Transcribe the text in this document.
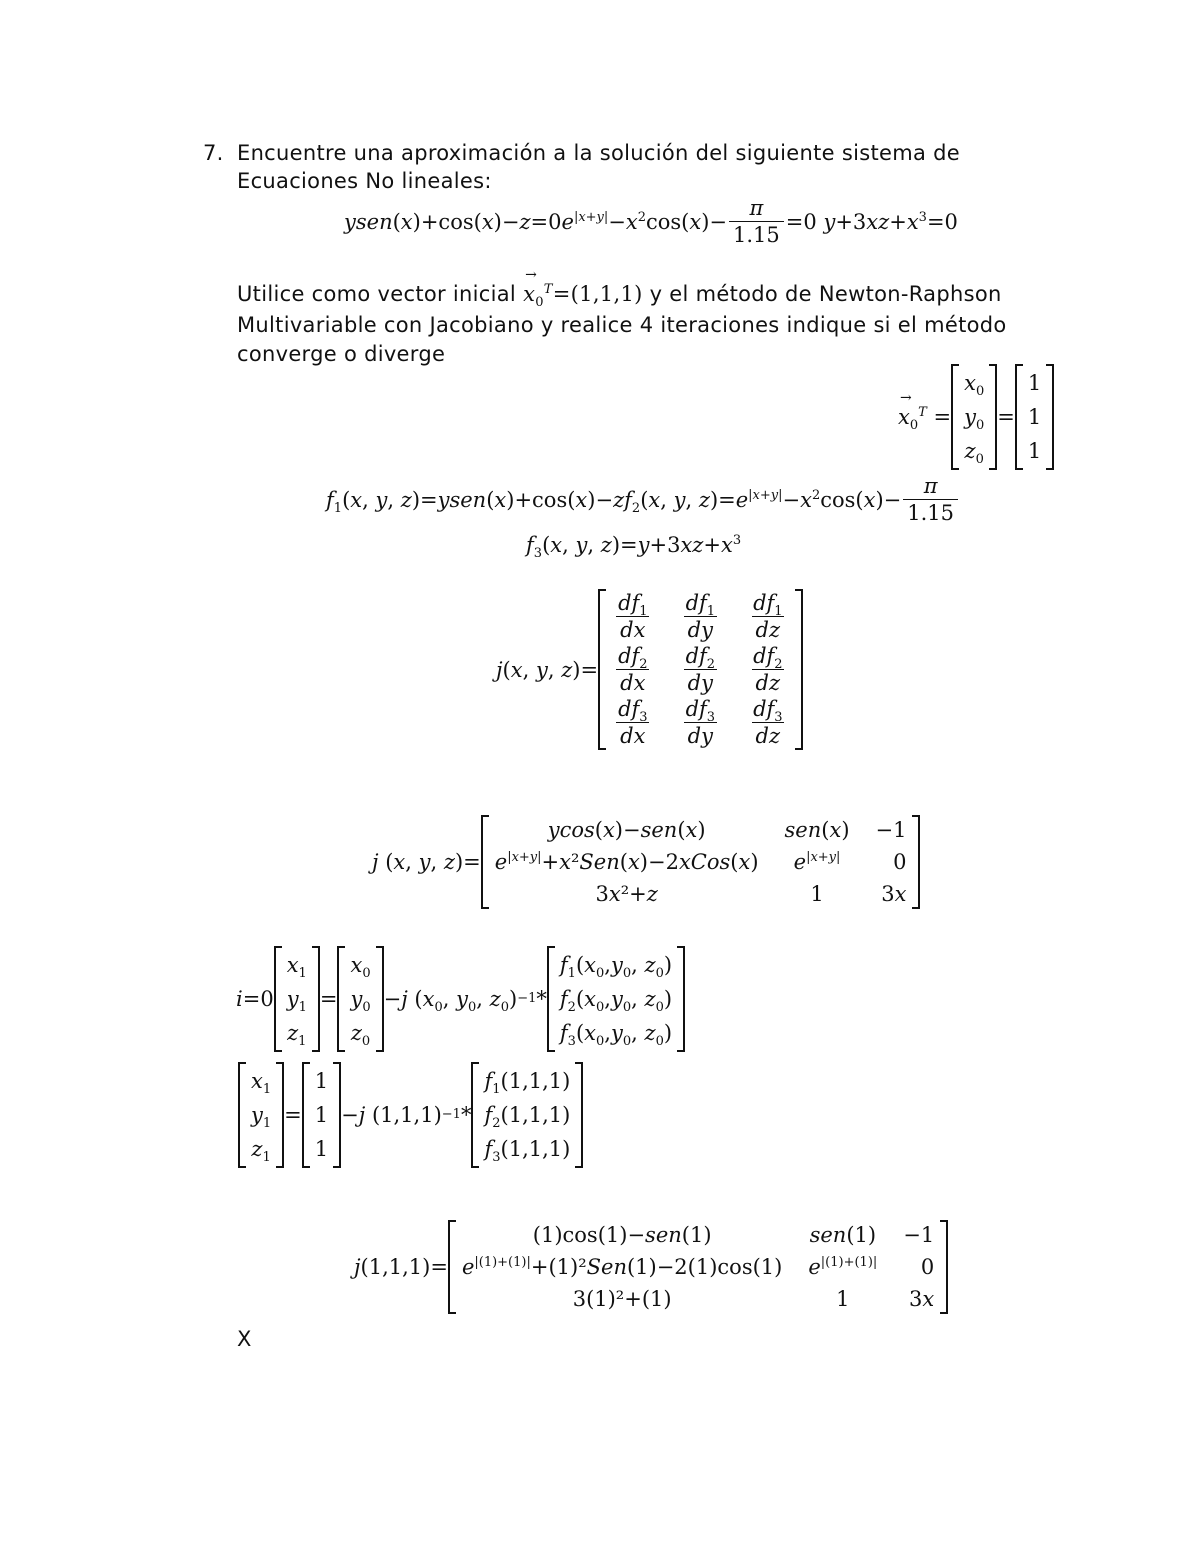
7. Encuentre una aproximación a la solución del siguiente sistema de
Ecuaciones No lineales:
ysen ( x )+cos( x )− z =0 $e^{|x+y|} - x^2$ cos( x )− $\frac{\pi}{1.15} =0$
y +3 xz + $x^3 =0$
Utilice como vector inicial → $x_0^T=(1,1,1)$ y el método de Newton-Raphson
Multivariable con Jacobiano y realice 4 iteraciones indique si el método
converge o diverge
→ $x_0^T$
=
$x_0$
$y_0$
$z_0$
=
1
1
1
$f_1$ ( x ,
y ,
z )= ysen ( x )+cos( x )− $zf_2$ ( x ,
y ,
z )= $e^{|x+y|} - x^2$ cos( x )− $\frac{\pi}{1.15}$
$f_3(x$, y, $z)=y+3xz+x^3$
j ( x ,
y ,
z )=
$\frac{df_1}{dx} \frac{df_1}{dy} \frac{df_1}{dz}$
$\frac{df_2}{dx} \frac{df_2}{dy} \frac{df_2}{dz}$
$\frac{df_3}{dx} \frac{df_3}{dy} \frac{df_3}{dz}$
j
( x ,
y ,
z )=
ycos(x)−sen(x)	sen(x) −1
$e^{|x+y|}+x^2Sen(x)-2xCos(x)$	$e^{|x+y|}$	0
3x²+z	1	3x
i =0
$x_1$
$y_1$
$z_1$
=
$x_0$
$y_0$
$z_0$
− j
( $x_0$ ,
$y_0$ ,
$z_0$ ) −1 *
$f_1(x_0,y_0$, $z_0$)
$f_2(x_0,y_0$, $z_0$)
$f_3(x_0,y_0$, $z_0$)
$x_1$
$y_1$
$z_1$
=
1
1
1
− j
(1,1,1) −1 *
$f_1(1,1,1)$
$f_2(1,1,1)$
$f_3(1,1,1)$
j (1,1,1)=
(1)cos(1)−sen(1)	sen(1) −1
$e^{|(1)+(1)|}+(1)^2Sen(1)-2(1)\cos(1)$ $e^{|(1)+(1)|}$	0
3(1)²+(1)	1	3x
X
